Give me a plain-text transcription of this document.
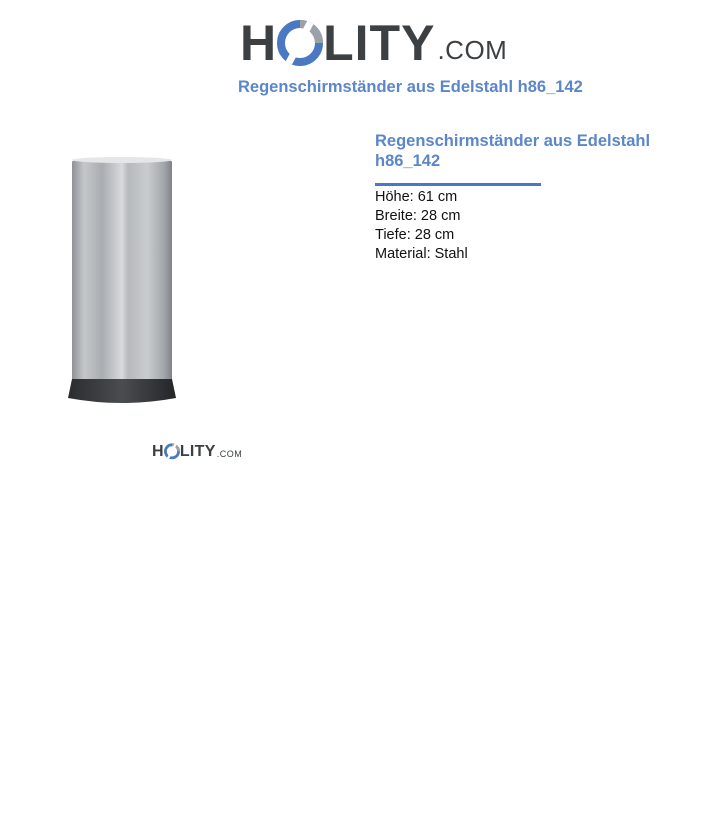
H LITY .COM
Regenschirmständer aus Edelstahl h86_142
H LITY .COM
Regenschirmständer aus Edelstahl h86_142

Höhe: 61 cm

Breite: 28 cm

Tiefe: 28 cm

Material: Stahl
